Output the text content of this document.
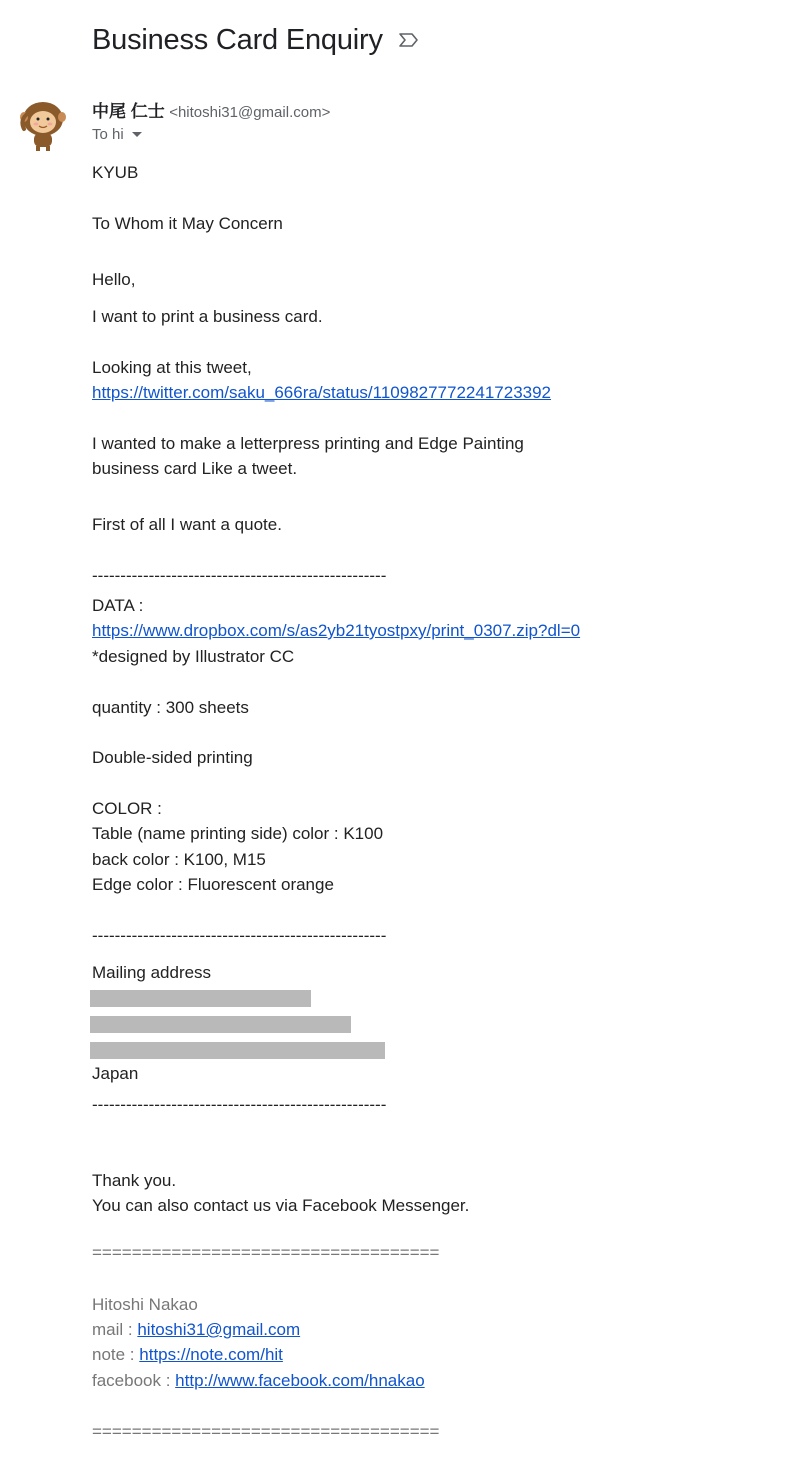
Business Card Enquiry
中尾 仁士 <hitoshi31@gmail.com>
To hi
KYUB
To Whom it May Concern
Hello,
I want to print a business card.
Looking at this tweet,
https://twitter.com/saku_666ra/status/1109827772241723392
I wanted to make a letterpress printing and Edge Painting
business card Like a tweet.
First of all I want a quote.
----------------------------------------------------
DATA :
https://www.dropbox.com/s/as2yb21tyostpxy/print_0307.zip?dl=0
*designed by Illustrator CC
quantity : 300 sheets
Double-sided printing
COLOR :
Table (name printing side) color : K100
back color : K100, M15
Edge color : Fluorescent orange
----------------------------------------------------
Mailing address
Japan
----------------------------------------------------
Thank you.
You can also contact us via Facebook Messenger.
===================================
Hitoshi Nakao
mail : hitoshi31@gmail.com
note : https://note.com/hit
facebook : http://www.facebook.com/hnakao
===================================
